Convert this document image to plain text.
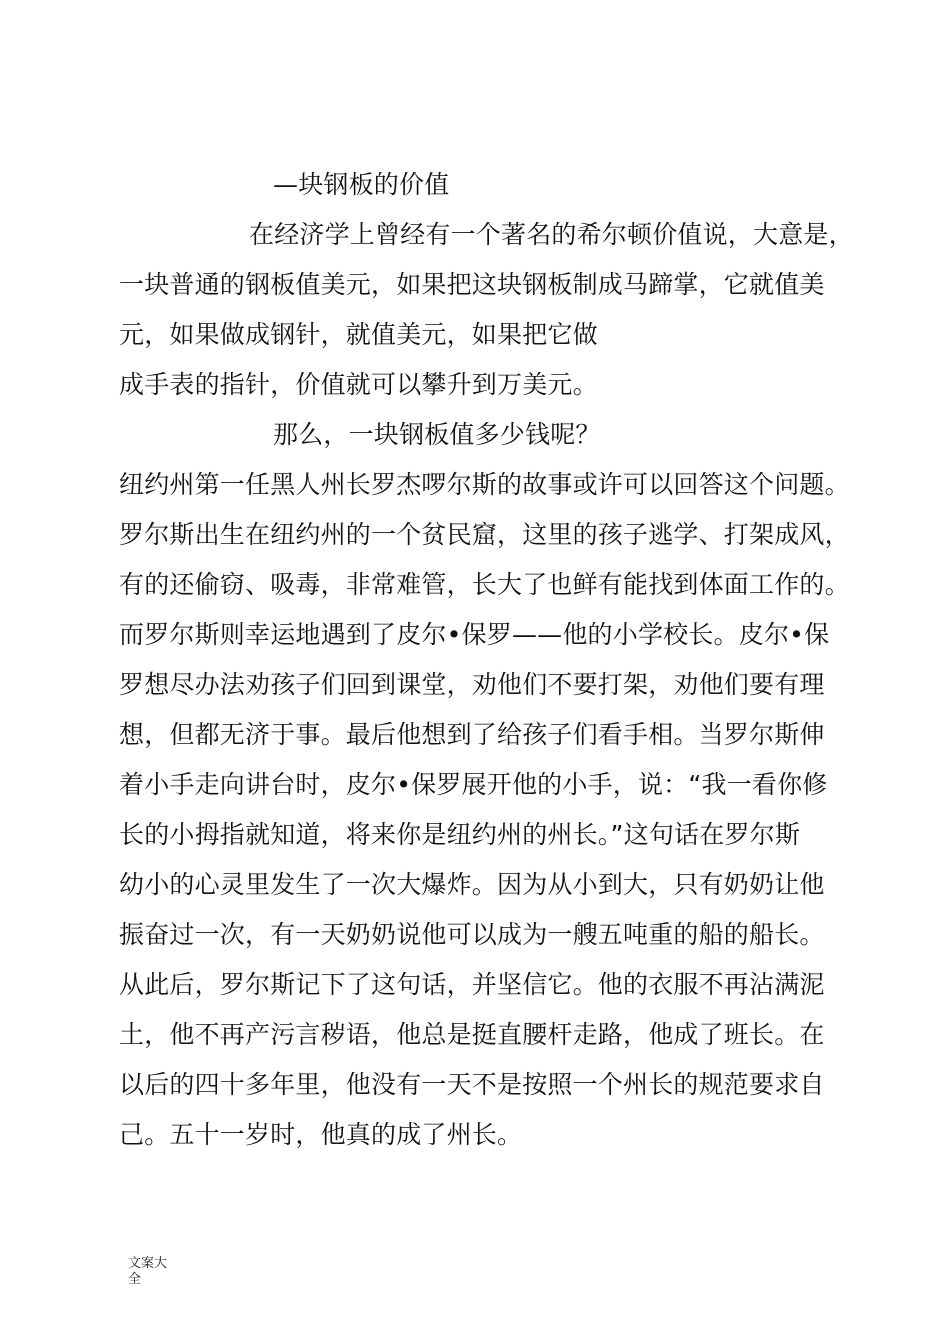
—块钢板的价值
在经济学上曾经有一个著名的希尔顿价值说，大意是，
一块普通的钢板值美元，如果把这块钢板制成马蹄掌，它就值美
元，如果做成钢针，就值美元，如果把它做
成手表的指针，价值就可以攀升到万美元。
那么，一块钢板值多少钱呢？
纽约州第一任黑人州长罗杰啰尔斯的故事或许可以回答这个问题。
罗尔斯出生在纽约州的一个贫民窟，这里的孩子逃学、打架成风，
有的还偷窃、吸毒，非常难管，长大了也鲜有能找到体面工作的。
而罗尔斯则幸运地遇到了皮尔•保罗——他的小学校长。皮尔•保
罗想尽办法劝孩子们回到课堂，劝他们不要打架，劝他们要有理
想，但都无济于事。最后他想到了给孩子们看手相。当罗尔斯伸
着小手走向讲台时，皮尔•保罗展开他的小手，说：“我一看你修
长的小拇指就知道，将来你是纽约州的州长。”这句话在罗尔斯
幼小的心灵里发生了一次大爆炸。因为从小到大，只有奶奶让他
振奋过一次，有一天奶奶说他可以成为一艘五吨重的船的船长。
从此后，罗尔斯记下了这句话，并坚信它。他的衣服不再沾满泥
土，他不再产污言秽语，他总是挺直腰杆走路，他成了班长。在
以后的四十多年里，他没有一天不是按照一个州长的规范要求自
己。五十一岁时，他真的成了州长。
文案大全
